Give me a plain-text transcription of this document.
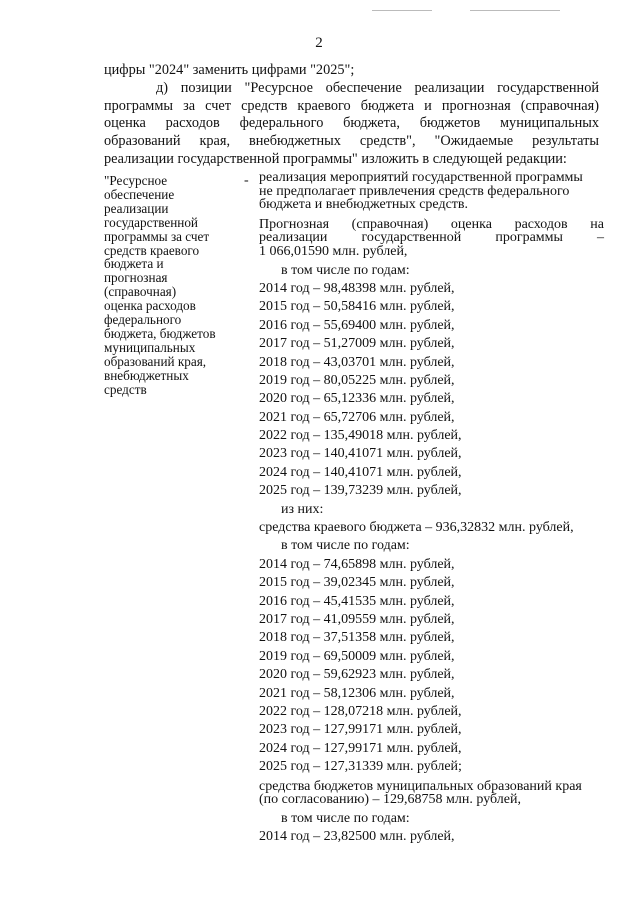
2

цифры "2024" заменить цифрами "2025";

д) позиции "Ресурсное обеспечение реализации государственной

программы за счет средств краевого бюджета и прогнозная (справочная)

оценка расходов федерального бюджета, бюджетов муниципальных

образований края, внебюджетных средств", "Ожидаемые результаты

реализации государственной программы" изложить в следующей редакции:

"Ресурсное
обеспечение
реализации
государственной
программы за счет
средств краевого
бюджета и
прогнозная
(справочная)
оценка расходов
федерального
бюджета, бюджетов
муниципальных
образований края,
внебюджетных
средств
- реализация мероприятий государственной программы
не предполагает привлечения средств федерального
бюджета и внебюджетных средств.
Прогнозная (справочная) оценка расходов на
реализации государственной программы –
1 066,01590 млн. рублей,
в том числе по годам:
2014 год – 98,48398 млн. рублей,
2015 год – 50,58416 млн. рублей,
2016 год – 55,69400 млн. рублей,
2017 год – 51,27009 млн. рублей,
2018 год – 43,03701 млн. рублей,
2019 год – 80,05225 млн. рублей,
2020 год – 65,12336 млн. рублей,
2021 год – 65,72706 млн. рублей,
2022 год – 135,49018 млн. рублей,
2023 год – 140,41071 млн. рублей,
2024 год – 140,41071 млн. рублей,
2025 год – 139,73239 млн. рублей,
из них:
средства краевого бюджета – 936,32832 млн. рублей,
в том числе по годам:
2014 год – 74,65898 млн. рублей,
2015 год – 39,02345 млн. рублей,
2016 год – 45,41535 млн. рублей,
2017 год – 41,09559 млн. рублей,
2018 год – 37,51358 млн. рублей,
2019 год – 69,50009 млн. рублей,
2020 год – 59,62923 млн. рублей,
2021 год – 58,12306 млн. рублей,
2022 год – 128,07218 млн. рублей,
2023 год – 127,99171 млн. рублей,
2024 год – 127,99171 млн. рублей,
2025 год – 127,31339 млн. рублей;
средства бюджетов муниципальных образований края
(по согласованию) – 129,68758 млн. рублей,
в том числе по годам:
2014 год – 23,82500 млн. рублей,
